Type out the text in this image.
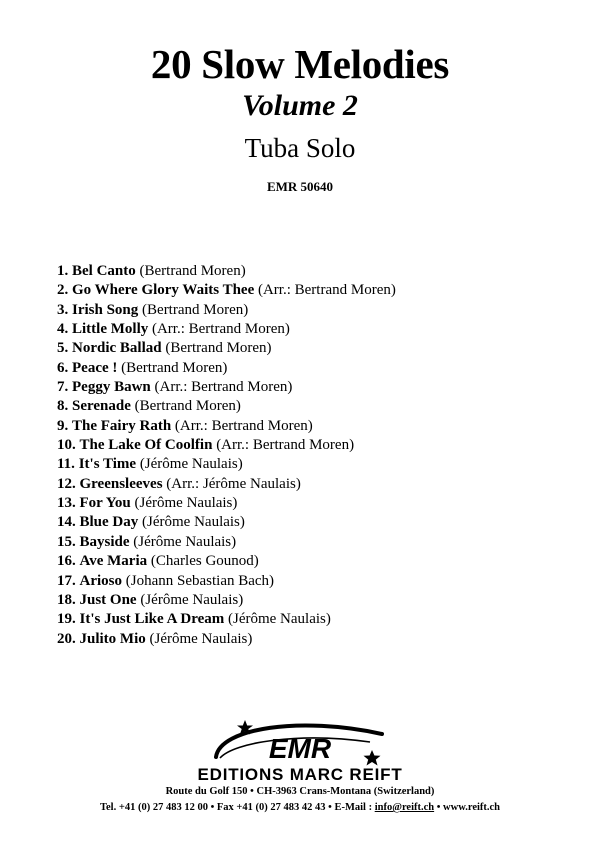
20 Slow Melodies
Volume 2
Tuba Solo
EMR 50640
1. Bel Canto (Bertrand Moren)
2. Go Where Glory Waits Thee (Arr.: Bertrand Moren)
3. Irish Song (Bertrand Moren)
4. Little Molly (Arr.: Bertrand Moren)
5. Nordic Ballad (Bertrand Moren)
6. Peace ! (Bertrand Moren)
7. Peggy Bawn (Arr.: Bertrand Moren)
8. Serenade (Bertrand Moren)
9. The Fairy Rath (Arr.: Bertrand Moren)
10. The Lake Of Coolfin (Arr.: Bertrand Moren)
11. It's Time (Jérôme Naulais)
12. Greensleeves (Arr.: Jérôme Naulais)
13. For You (Jérôme Naulais)
14. Blue Day (Jérôme Naulais)
15. Bayside (Jérôme Naulais)
16. Ave Maria (Charles Gounod)
17. Arioso (Johann Sebastian Bach)
18. Just One (Jérôme Naulais)
19. It's Just Like A Dream (Jérôme Naulais)
20. Julito Mio (Jérôme Naulais)
EMR
EDITIONS MARC REIFT
Route du Golf 150 • CH-3963 Crans-Montana (Switzerland)
Tel. +41 (0) 27 483 12 00 • Fax +41 (0) 27 483 42 43 • E-Mail : info@reift.ch • www.reift.ch
